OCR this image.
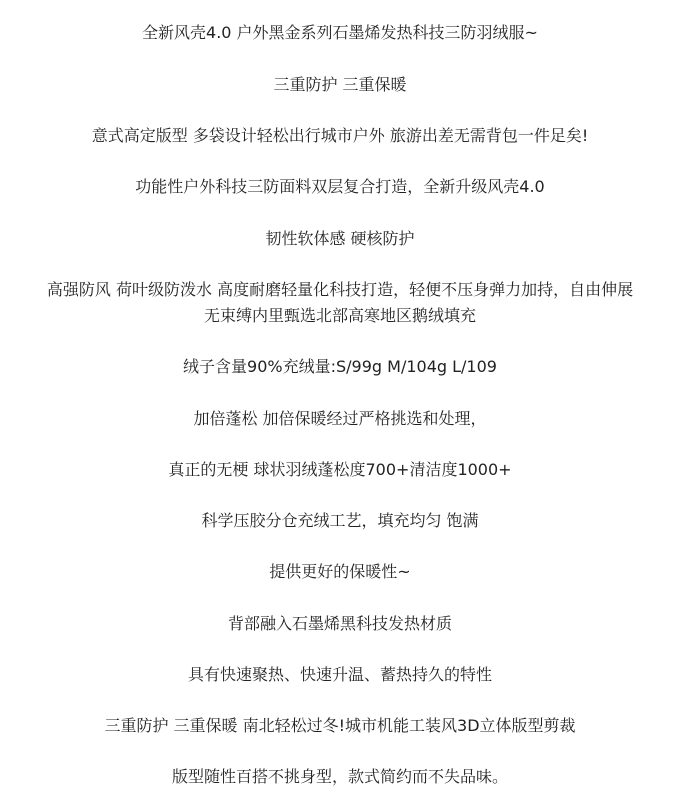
全新风壳4.0 户外黑金系列石墨烯发热科技三防羽绒服~

三重防护 三重保暖

意式高定版型 多袋设计轻松出行城市户外 旅游出差无需背包一件足矣!

功能性户外科技三防面料双层复合打造，全新升级风壳4.0

韧性软体感 硬核防护

高强防风 荷叶级防泼水 高度耐磨轻量化科技打造，轻便不压身弹力加持，自由伸展

无束缚内里甄选北部高寒地区鹅绒填充

绒子含量90%充绒量:S/99g M/104g L/109

加倍蓬松 加倍保暖经过严格挑选和处理，

真正的无梗 球状羽绒蓬松度700+清洁度1000+

科学压胶分仓充绒工艺，填充均匀 饱满

提供更好的保暖性~

背部融入石墨烯黑科技发热材质

具有快速聚热、快速升温、蓄热持久的特性

三重防护 三重保暖 南北轻松过冬!城市机能工装风3D立体版型剪裁

版型随性百搭不挑身型，款式简约而不失品味。
